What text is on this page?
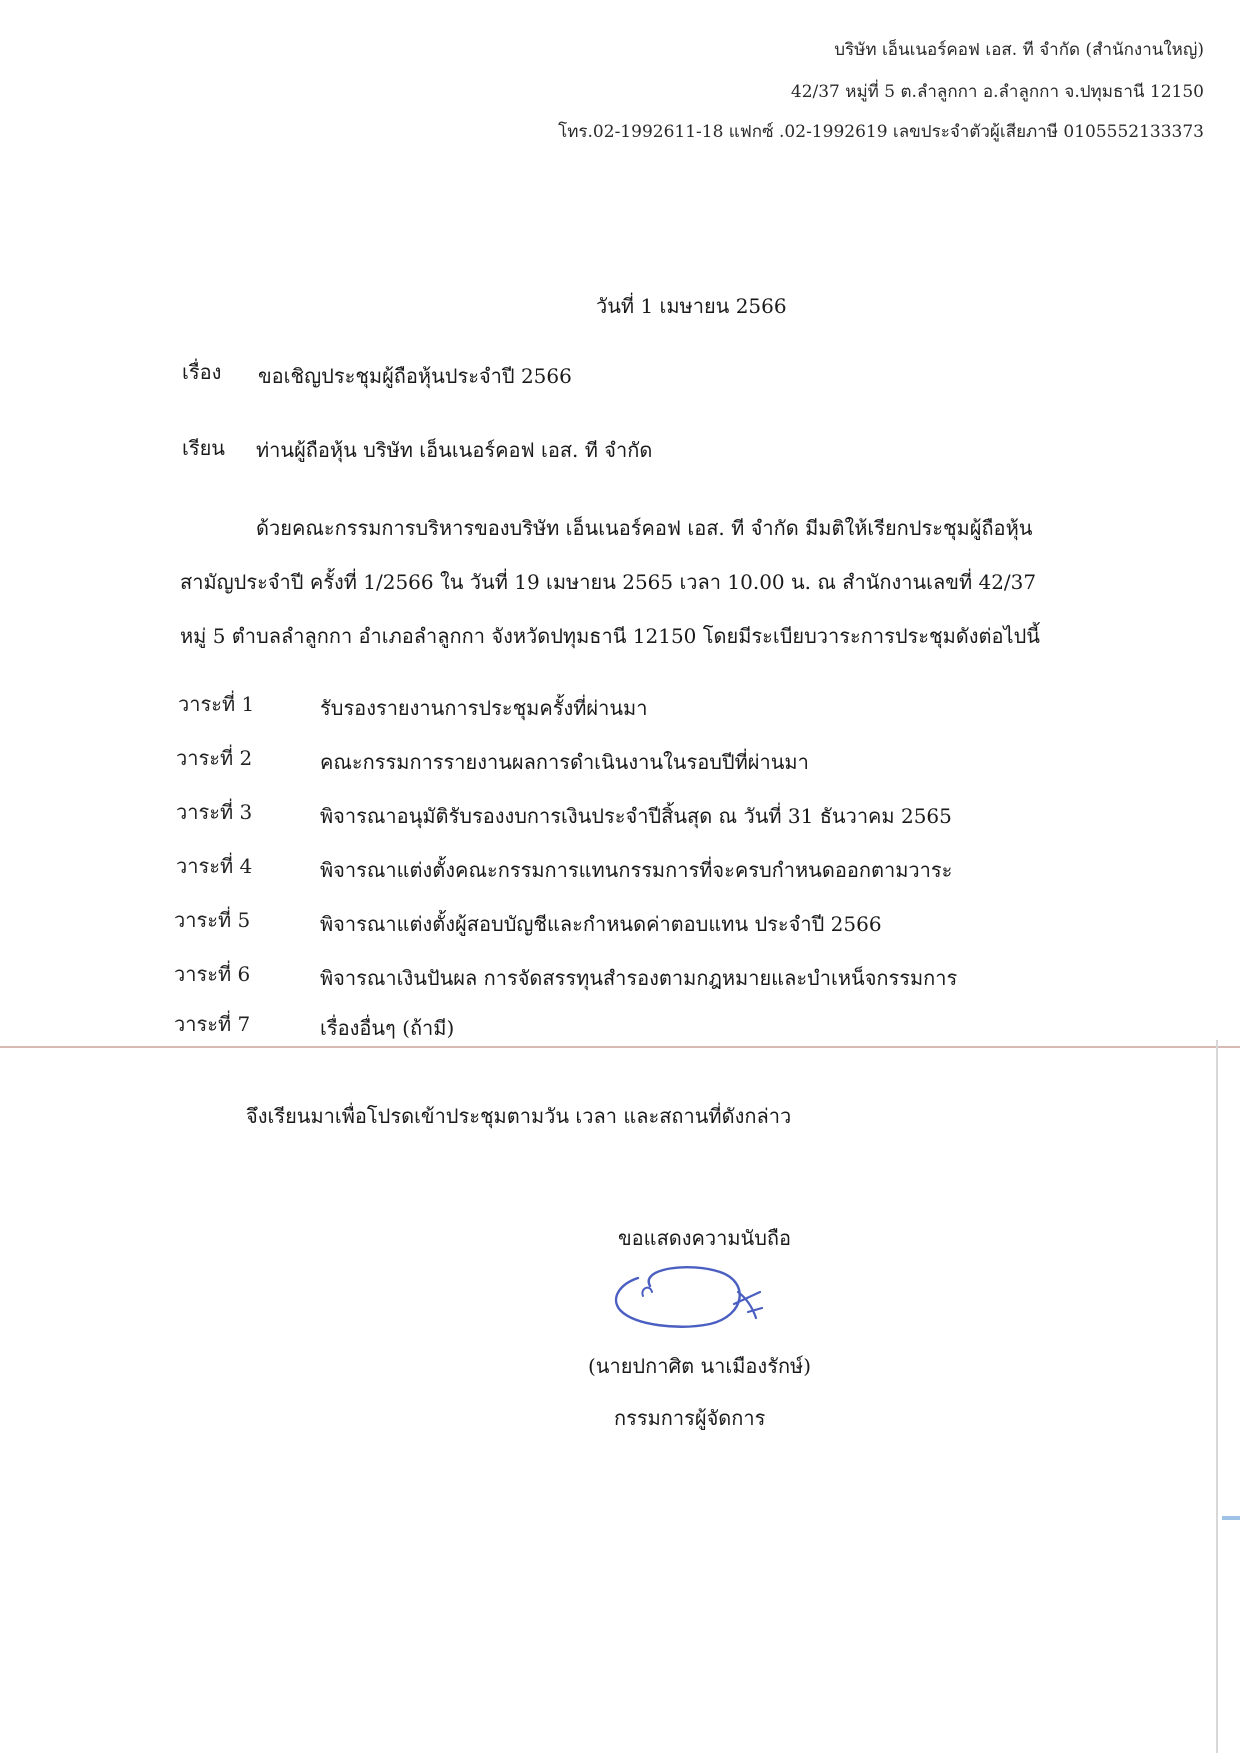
บริษัท เอ็นเนอร์คอฟ เอส. ที จำกัด (สำนักงานใหญ่)
42/37 หมู่ที่ 5 ต.ลำลูกกา อ.ลำลูกกา จ.ปทุมธานี 12150
โทร.02-1992611-18 แฟกซ์ .02-1992619 เลขประจำตัวผู้เสียภาษี 0105552133373
วันที่ 1 เมษายน 2566
เรื่อง ขอเชิญประชุมผู้ถือหุ้นประจำปี 2566
เรียน ท่านผู้ถือหุ้น บริษัท เอ็นเนอร์คอฟ เอส. ที จำกัด
ด้วยคณะกรรมการบริหารของบริษัท เอ็นเนอร์คอฟ เอส. ที จำกัด มีมติให้เรียกประชุมผู้ถือหุ้น
สามัญประจำปี ครั้งที่ 1/2566 ใน วันที่ 19 เมษายน 2565 เวลา 10.00 น. ณ สำนักงานเลขที่ 42/37
หมู่ 5 ตำบลลำลูกกา อำเภอลำลูกกา จังหวัดปทุมธานี 12150 โดยมีระเบียบวาระการประชุมดังต่อไปนี้
วาระที่ 1	รับรองรายงานการประชุมครั้งที่ผ่านมา
วาระที่ 2	คณะกรรมการรายงานผลการดำเนินงานในรอบปีที่ผ่านมา
วาระที่ 3	พิจารณาอนุมัติรับรองงบการเงินประจำปีสิ้นสุด ณ วันที่ 31 ธันวาคม 2565
วาระที่ 4	พิจารณาแต่งตั้งคณะกรรมการแทนกรรมการที่จะครบกำหนดออกตามวาระ
วาระที่ 5	พิจารณาแต่งตั้งผู้สอบบัญชีและกำหนดค่าตอบแทน ประจำปี 2566
วาระที่ 6	พิจารณาเงินปันผล การจัดสรรทุนสำรองตามกฎหมายและบำเหน็จกรรมการ
วาระที่ 7	เรื่องอื่นๆ (ถ้ามี)
จึงเรียนมาเพื่อโปรดเข้าประชุมตามวัน เวลา และสถานที่ดังกล่าว
ขอแสดงความนับถือ
(นายปกาศิต นาเมืองรักษ์)
กรรมการผู้จัดการ
